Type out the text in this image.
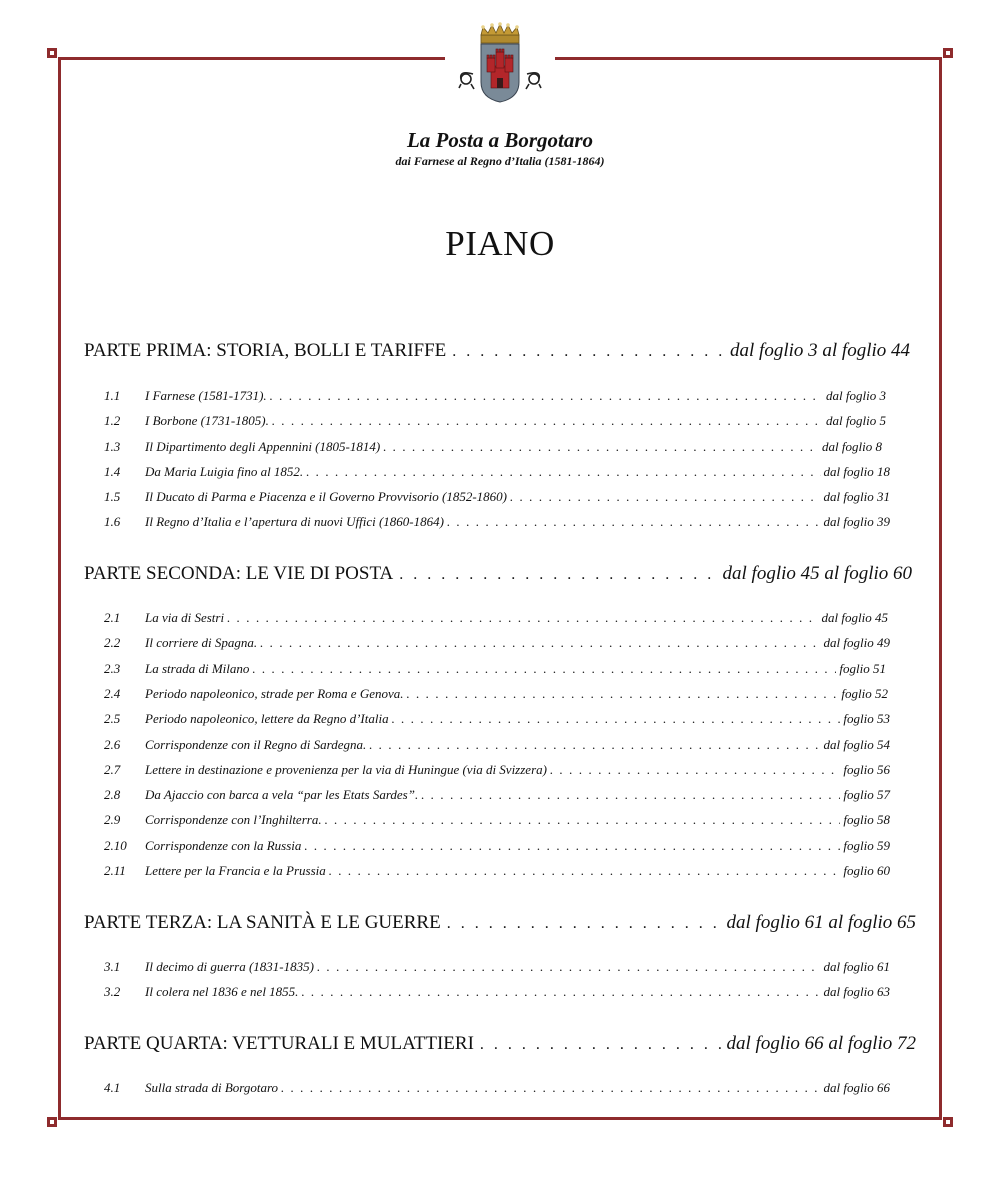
La Posta a Borgotaro
dai Farnese al Regno d’Italia (1581-1864)
PIANO
PARTE PRIMA: STORIA, BOLLI E TARIFFE . . .	dal foglio 3 al foglio 44
1.1	I Farnese (1581-1731). . . .	dal foglio 3
1.2	I Borbone (1731-1805). . . .	dal foglio 5
1.3	Il Dipartimento degli Appennini (1805-1814) . . .	dal foglio 8
1.4	Da Maria Luigia fino al 1852. . . .	dal foglio 18
1.5	Il Ducato di Parma e Piacenza e il Governo Provvisorio (1852-1860) . . .	dal foglio 31
1.6	Il Regno d’Italia e l’apertura di nuovi Uffici (1860-1864) . . .	dal foglio 39
PARTE SECONDA: LE VIE DI POSTA . . .	dal foglio 45 al foglio 60
2.1	La via di Sestri . . .	dal foglio 45
2.2	Il corriere di Spagna. . . .	dal foglio 49
2.3	La strada di Milano . . .	foglio 51
2.4	Periodo napoleonico, strade per Roma e Genova. . . .	foglio 52
2.5	Periodo napoleonico, lettere da Regno d’Italia . . .	foglio 53
2.6	Corrispondenze con il Regno di Sardegna. . . .	dal foglio 54
2.7	Lettere in destinazione e provenienza per la via di Huningue (via di Svizzera) . . .	foglio 56
2.8	Da Ajaccio con barca a vela “par les Etats Sardes”. . . .	foglio 57
2.9	Corrispondenze con l’Inghilterra. . . .	foglio 58
2.10	Corrispondenze con la Russia . . .	foglio 59
2.11	Lettere per la Francia e la Prussia . . .	foglio 60
PARTE TERZA: LA SANITÀ E LE GUERRE . . .	dal foglio 61 al foglio 65
3.1	Il decimo di guerra (1831-1835) . . .	dal foglio 61
3.2	Il colera nel 1836 e nel 1855. . . .	dal foglio 63
PARTE QUARTA: VETTURALI E MULATTIERI . . .	dal foglio 66 al foglio 72
4.1	Sulla strada di Borgotaro . . .	dal foglio 66
